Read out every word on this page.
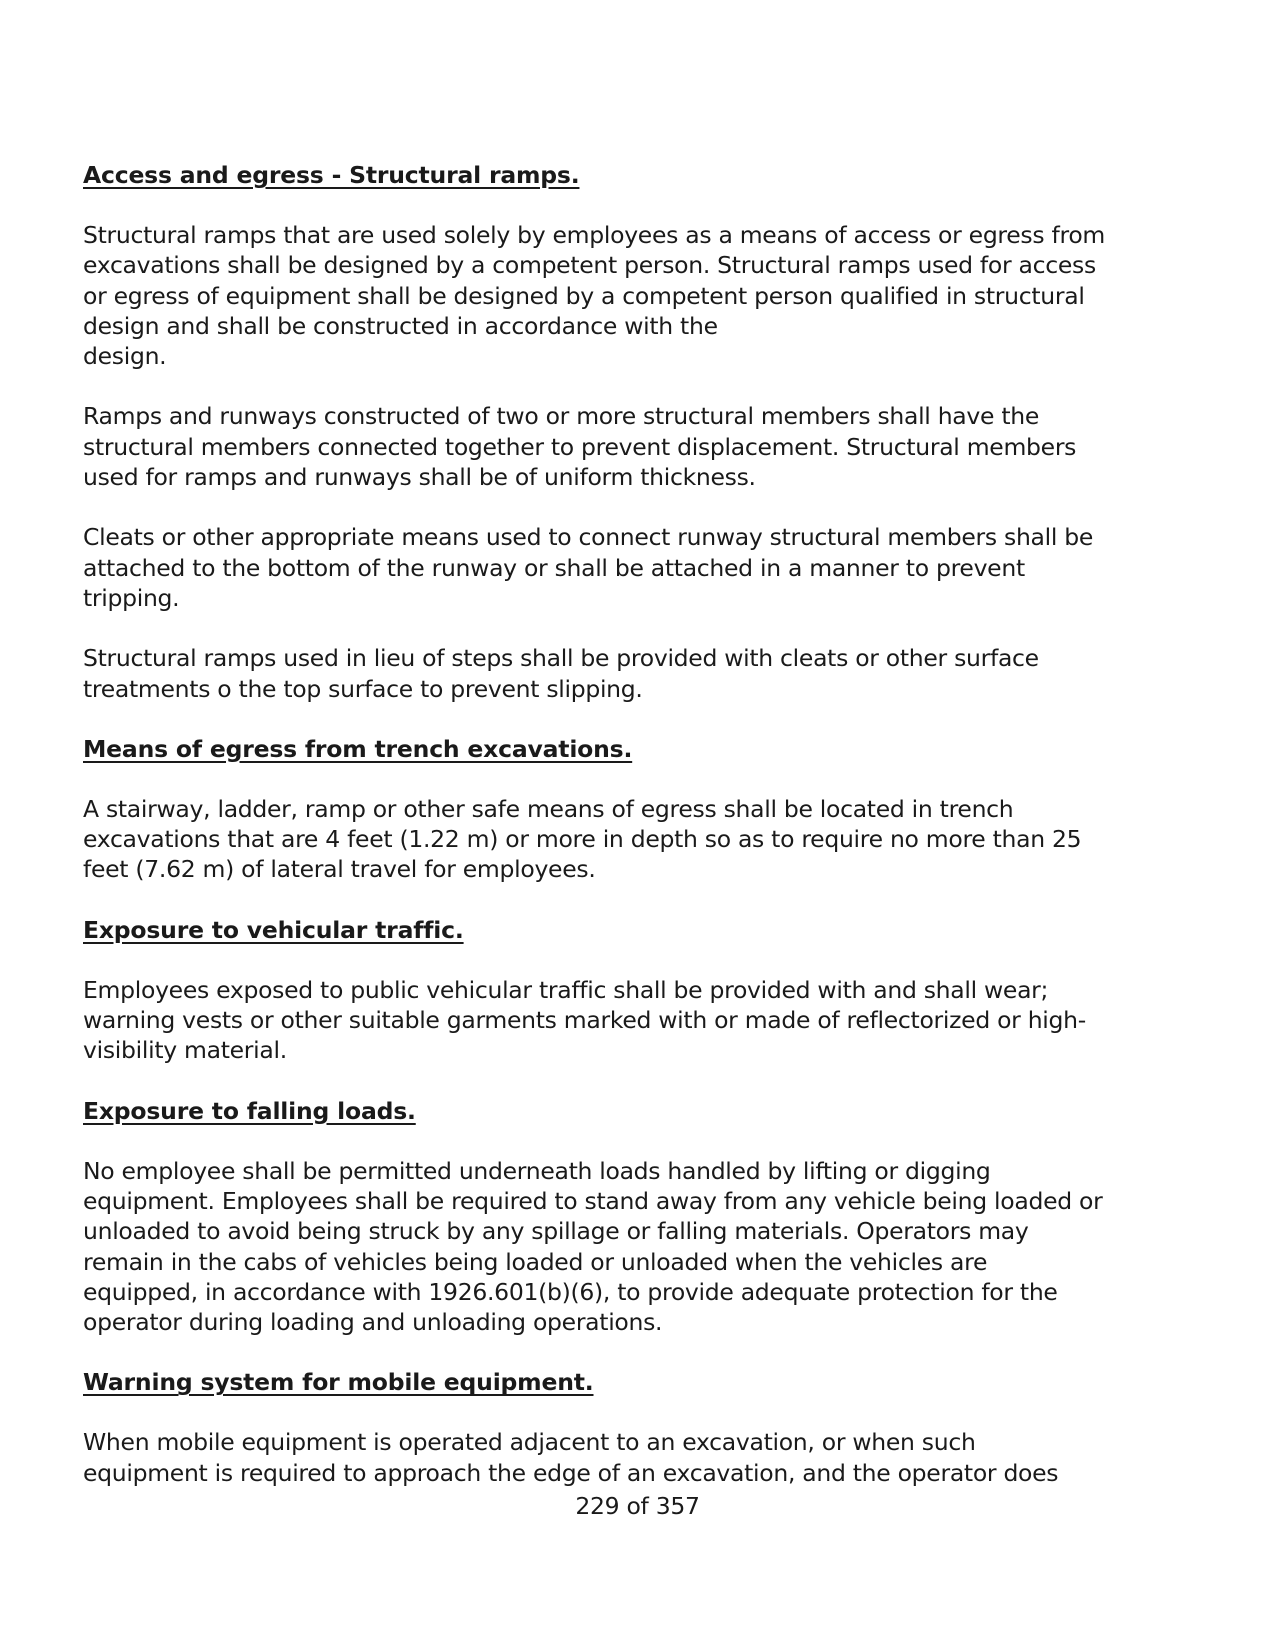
Access and egress - Structural ramps.
Structural ramps that are used solely by employees as a means of access or egress from
excavations shall be designed by a competent person. Structural ramps used for access
or egress of equipment shall be designed by a competent person qualified in structural
design and shall be constructed in accordance with the
design.
Ramps and runways constructed of two or more structural members shall have the
structural members connected together to prevent displacement. Structural members
used for ramps and runways shall be of uniform thickness.
Cleats or other appropriate means used to connect runway structural members shall be
attached to the bottom of the runway or shall be attached in a manner to prevent
tripping.
Structural ramps used in lieu of steps shall be provided with cleats or other surface
treatments o the top surface to prevent slipping.
Means of egress from trench excavations.
A stairway, ladder, ramp or other safe means of egress shall be located in trench
excavations that are 4 feet (1.22 m) or more in depth so as to require no more than 25
feet (7.62 m) of lateral travel for employees.
Exposure to vehicular traffic.
Employees exposed to public vehicular traffic shall be provided with and shall wear;
warning vests or other suitable garments marked with or made of reflectorized or high-
visibility material.
Exposure to falling loads.
No employee shall be permitted underneath loads handled by lifting or digging
equipment. Employees shall be required to stand away from any vehicle being loaded or
unloaded to avoid being struck by any spillage or falling materials. Operators may
remain in the cabs of vehicles being loaded or unloaded when the vehicles are
equipped, in accordance with 1926.601(b)(6), to provide adequate protection for the
operator during loading and unloading operations.
Warning system for mobile equipment.
When mobile equipment is operated adjacent to an excavation, or when such
equipment is required to approach the edge of an excavation, and the operator does
229 of 357
